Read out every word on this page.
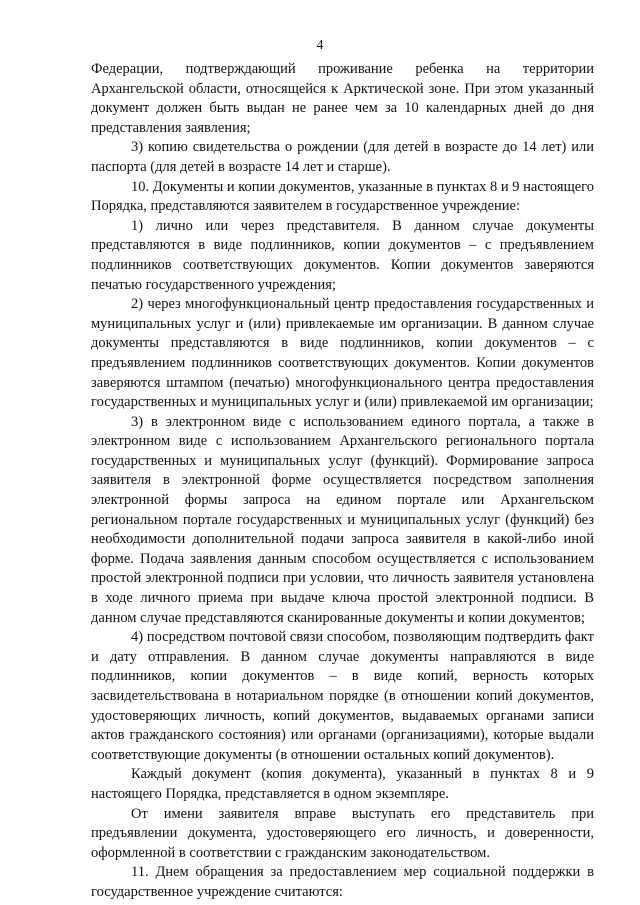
4

Федерации, подтверждающий проживание ребенка на территории Архангельской области, относящейся к Арктической зоне. При этом указанный документ должен быть выдан не ранее чем за 10 календарных дней до дня представления заявления;

3) копию свидетельства о рождении (для детей в возрасте до 14 лет) или паспорта (для детей в возрасте 14 лет и старше).

10. Документы и копии документов, указанные в пунктах 8 и 9 настоящего Порядка, представляются заявителем в государственное учреждение:

1) лично или через представителя. В данном случае документы представляются в виде подлинников, копии документов – с предъявлением подлинников соответствующих документов. Копии документов заверяются печатью государственного учреждения;

2) через многофункциональный центр предоставления государственных и муниципальных услуг и (или) привлекаемые им организации. В данном случае документы представляются в виде подлинников, копии документов – с предъявлением подлинников соответствующих документов. Копии документов заверяются штампом (печатью) многофункционального центра предоставления государственных и муниципальных услуг и (или) привлекаемой им организации;

3) в электронном виде с использованием единого портала, а также в электронном виде с использованием Архангельского регионального портала государственных и муниципальных услуг (функций). Формирование запроса заявителя в электронной форме осуществляется посредством заполнения электронной формы запроса на едином портале или Архангельском региональном портале государственных и муниципальных услуг (функций) без необходимости дополнительной подачи запроса заявителя в какой-либо иной форме. Подача заявления данным способом осуществляется с использованием простой электронной подписи при условии, что личность заявителя установлена в ходе личного приема при выдаче ключа простой электронной подписи. В данном случае представляются сканированные документы и копии документов;

4) посредством почтовой связи способом, позволяющим подтвердить факт и дату отправления. В данном случае документы направляются в виде подлинников, копии документов – в виде копий, верность которых засвидетельствована в нотариальном порядке (в отношении копий документов, удостоверяющих личность, копий документов, выдаваемых органами записи актов гражданского состояния) или органами (организациями), которые выдали соответствующие документы (в отношении остальных копий документов).

Каждый документ (копия документа), указанный в пунктах 8 и 9 настоящего Порядка, представляется в одном экземпляре.

От имени заявителя вправе выступать его представитель при предъявлении документа, удостоверяющего его личность, и доверенности, оформленной в соответствии с гражданским законодательством.

11. Днем обращения за предоставлением мер социальной поддержки в государственное учреждение считаются:
